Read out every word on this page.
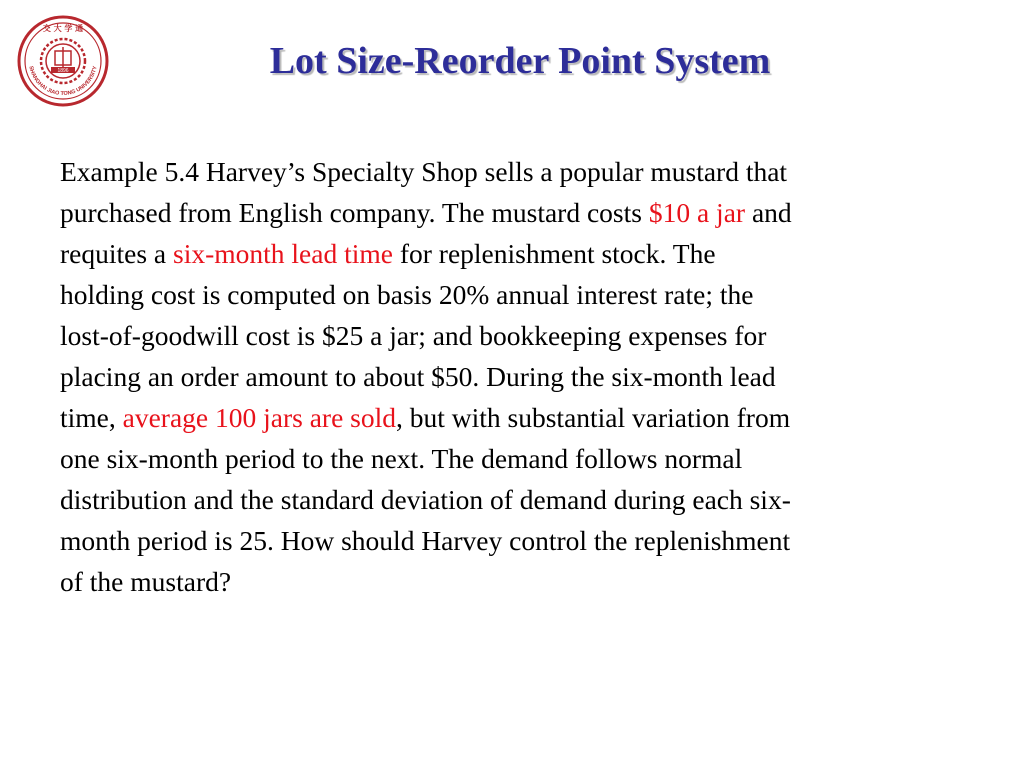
1896
交 大 学 通
SHANGHAI JIAO TONG UNIVERSITY	Lot Size-Reorder Point System
Example 5.4 Harvey’s Specialty Shop sells a popular mustard that
purchased from English company. The mustard costs $10 a jar and
requites a six-month lead time for replenishment stock. The
holding cost is computed on basis 20% annual interest rate; the
lost-of-goodwill cost is $25 a jar; and bookkeeping expenses for
placing an order amount to about $50. During the six-month lead
time, average 100 jars are sold, but with substantial variation from
one six-month period to the next. The demand follows normal
distribution and the standard deviation of demand during each six-
month period is 25. How should Harvey control the replenishment
of the mustard?
